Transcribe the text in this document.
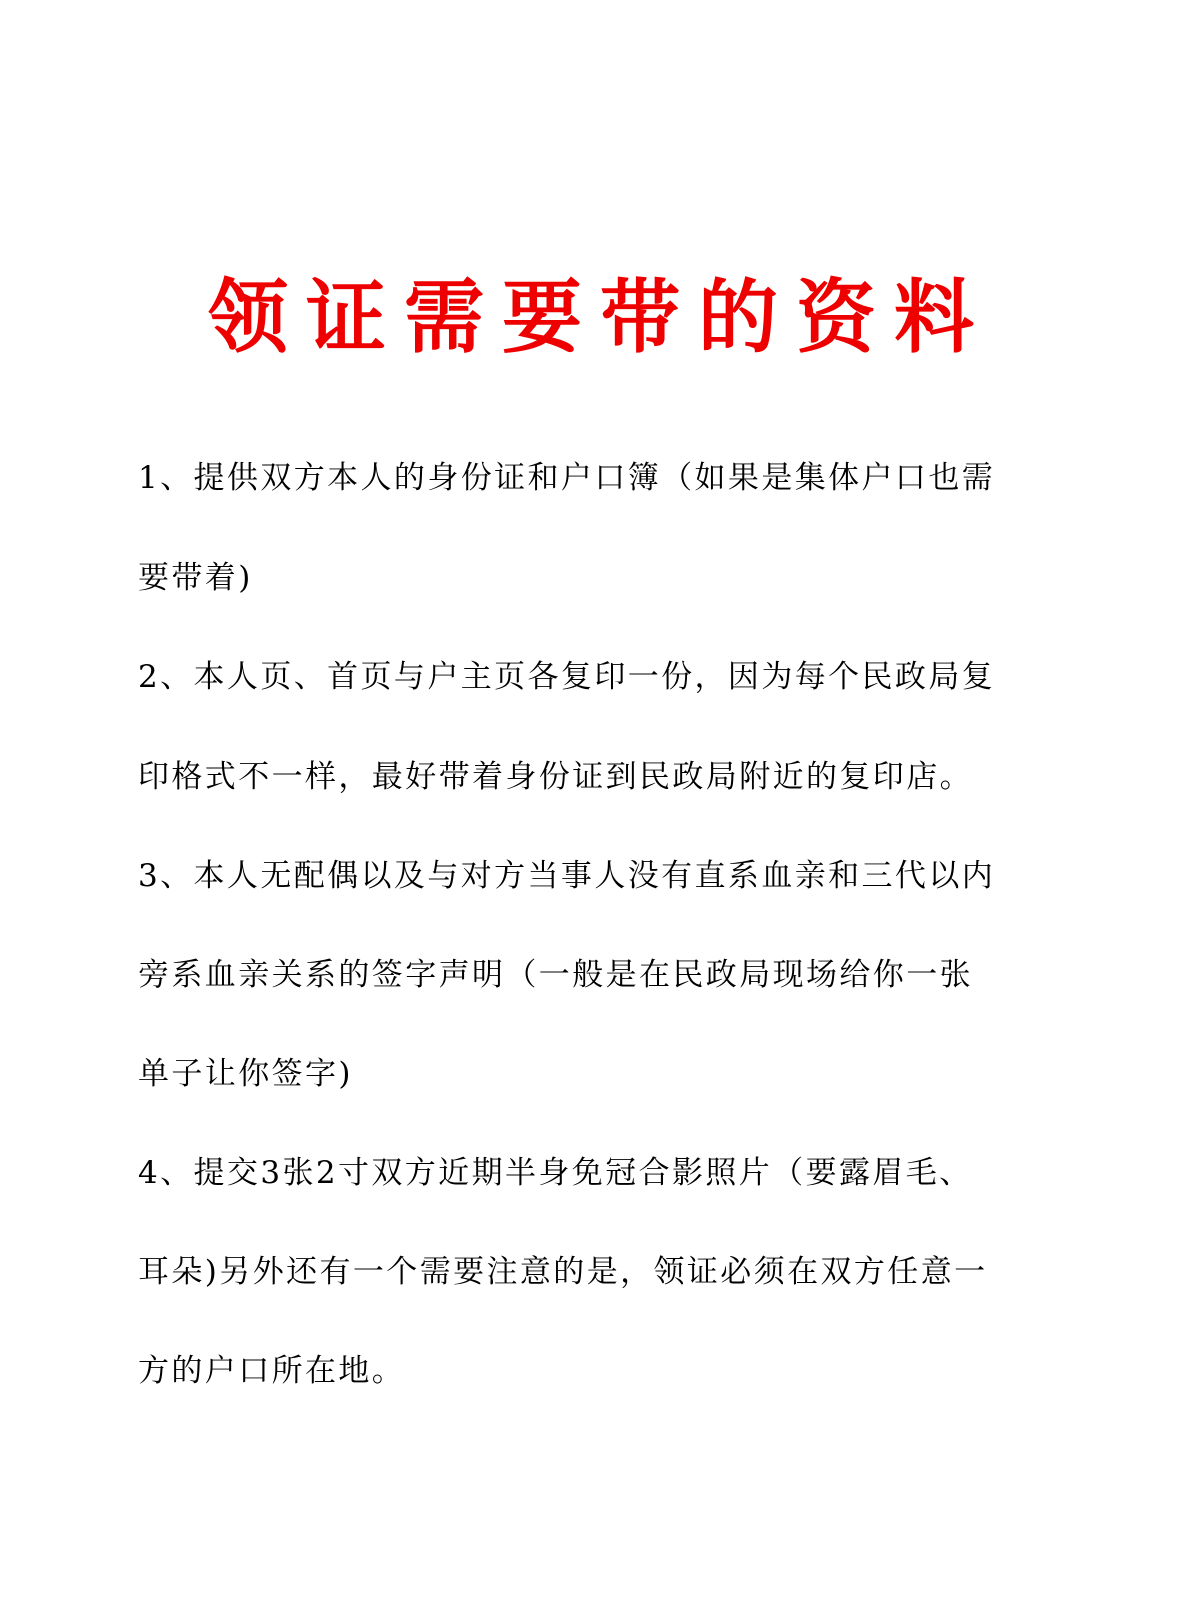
领证需要带的资料
1、提供双方本人的身份证和户口簿（如果是集体户口也需
要带着)
2、本人页、首页与户主页各复印一份，因为每个民政局复
印格式不一样，最好带着身份证到民政局附近的复印店。
3、本人无配偶以及与对方当事人没有直系血亲和三代以内
旁系血亲关系的签字声明（一般是在民政局现场给你一张
单子让你签字)
4、提交3张2寸双方近期半身免冠合影照片（要露眉毛、
耳朵)另外还有一个需要注意的是，领证必须在双方任意一
方的户口所在地。
